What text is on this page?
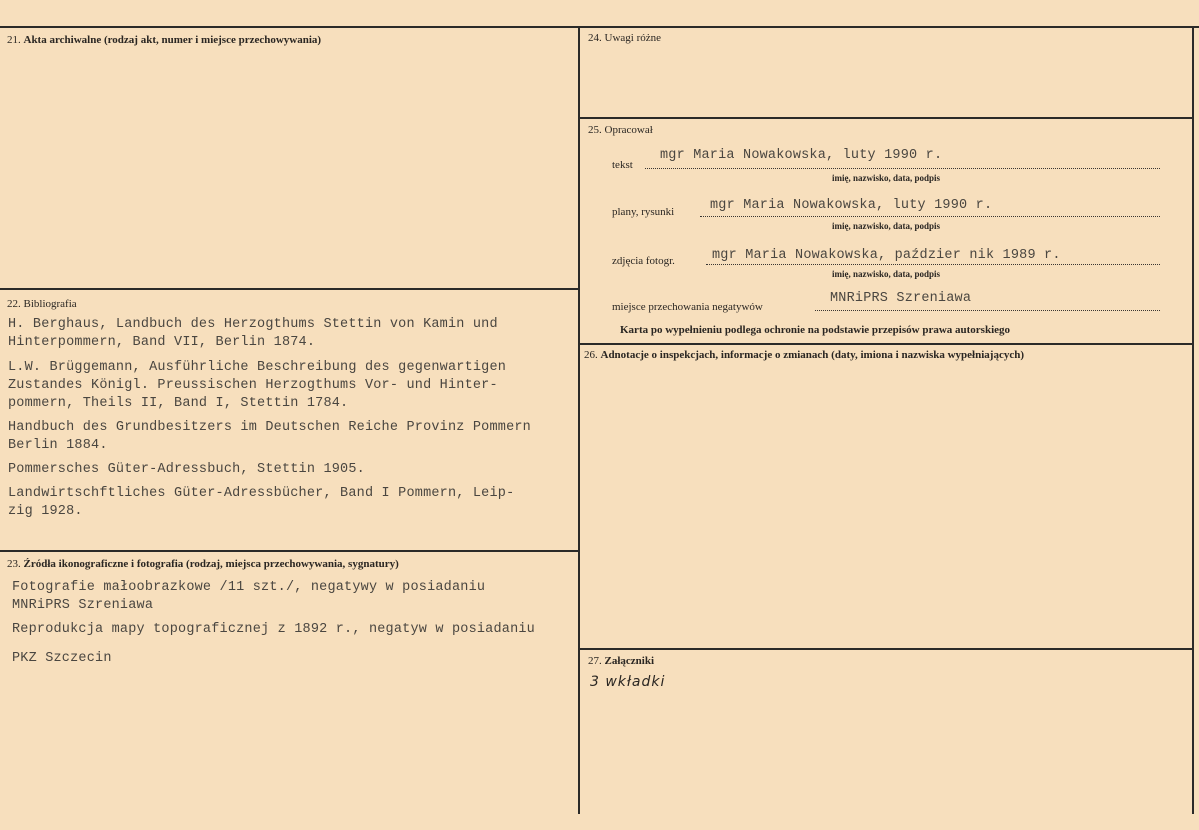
21. Akta archiwalne (rodzaj akt, numer i miejsce przechowywania)
22. Bibliografia
H. Berghaus, Landbuch des Herzogthums Stettin von Kamin und
Hinterpommern, Band VII, Berlin 1874.
L.W. Brüggemann, Ausführliche Beschreibung des gegenwartigen
Zustandes Königl. Preussischen Herzogthums Vor- und Hinter-
pommern, Theils II, Band I, Stettin 1784.
Handbuch des Grundbesitzers im Deutschen Reiche Provinz Pommern
Berlin 1884.
Pommersches Güter-Adressbuch, Stettin 1905.
Landwirtschftliches Güter-Adressbücher, Band I Pommern, Leip-
zig 1928.
23. Źródła ikonograficzne i fotografia (rodzaj, miejsca przechowywania, sygnatury)
Fotografie małoobrazkowe /11 szt./, negatywy w posiadaniu
MNRiPRS Szreniawa
Reprodukcja mapy topograficznej z 1892 r., negatyw w posiadaniu
PKZ Szczecin
24. Uwagi różne
25. Opracował
tekst
mgr Maria Nowakowska, luty 1990 r.
imię, nazwisko, data, podpis
plany, rysunki	mgr Maria Nowakowska, luty 1990 r.
imię, nazwisko, data, podpis
zdjęcia fotogr.	mgr Maria Nowakowska, paździer nik 1989 r.
imię, nazwisko, data, podpis
miejsce przechowania negatywów
MNRiPRS Szreniawa
Karta po wypełnieniu podlega ochronie na podstawie przepisów prawa autorskiego
26. Adnotacje o inspekcjach, informacje o zmianach (daty, imiona i nazwiska wypełniających)
27. Załączniki
3 wkładki
